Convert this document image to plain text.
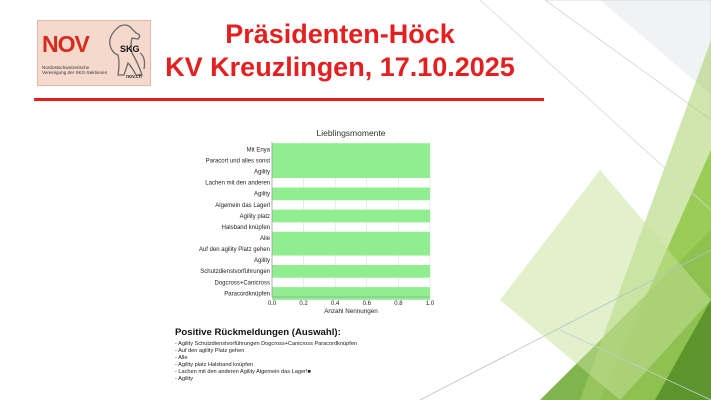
NOV	SKG
Nordostschweizerische Vereinigung der SKG-Sektionen
nov.ch
Präsidenten-Höck
KV Kreuzlingen, 17.10.2025
Lieblingsmomente
0.0	0.2	0.4	0.6	0.8	1.0
Mit Enya
Paracort und alles sonst
Agility
Lachen mit den anderen
Agility
Algemein das Lagerl
Agility platz
Halsband knüpfen
Alle
Auf den agility Platz gehen
Agility
Schutzdienstvorführungen
Dogcross+Canicross
Paracordknüpfen
Anzahl Nennungen
Positive Rückmeldungen (Auswahl):
- Agility Schutzdienstvorführungen Dogcross+Canicross Paracordknüpfen
- Auf den agility Platz gehen
- Alle
- Agility platz Halsband knüpfen
- Lachen mit den anderen Agility Algemein das Lager!■
- Agility
